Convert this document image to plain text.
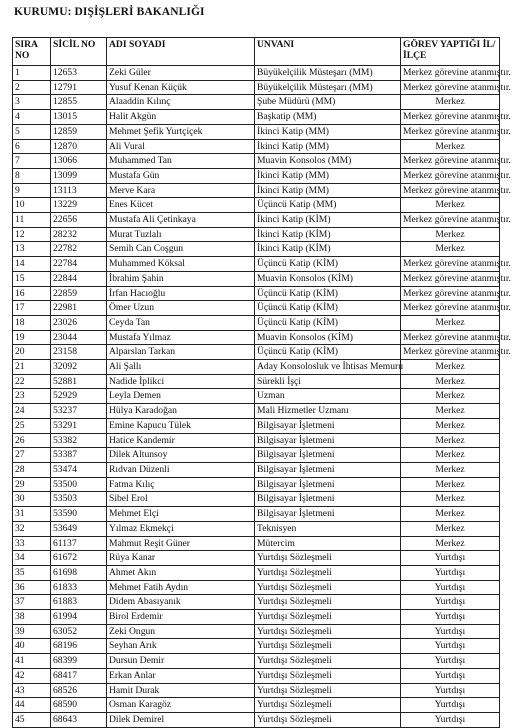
KURUMU: DIŞİŞLERİ BAKANLIĞI
SIRA NO	SİCİL NO	ADI SOYADI	UNVANI	GÖREV YAPTIĞI İL/İLÇE
1	12653	Zeki Güler	Büyükelçilik Müsteşarı (MM)	Merkez görevine atanmıştır.
2	12791	Yusuf Kenan Küçük	Büyükelçilik Müsteşarı (MM)	Merkez görevine atanmıştır.
3	12855	Alaaddin Kılınç	Şube Müdürü (MM)	Merkez
4	13015	Halit Akgün	Başkatip (MM)	Merkez görevine atanmıştır.
5	12859	Mehmet Şefik Yurtçiçek	İkinci Katip (MM)	Merkez görevine atanmıştır.
6	12870	Ali Vural	İkinci Katip (MM)	Merkez
7	13066	Muhammed Tan	Muavin Konsolos (MM)	Merkez görevine atanmıştır.
8	13099	Mustafa Gün	İkinci Katip (MM)	Merkez görevine atanmıştır.
9	13113	Merve Kara	İkinci Katip (MM)	Merkez görevine atanmıştır.
10	13229	Enes Kücet	Üçüncü Katip (MM)	Merkez
11	22656	Mustafa Ali Çetinkaya	İkinci Katip (KİM)	Merkez görevine atanmıştır.
12	28232	Murat Tuzlalı	İkinci Katip (KİM)	Merkez
13	22782	Semih Can Coşgun	İkinci Katip (KİM)	Merkez
14	22784	Muhammed Köksal	Üçüncü Katip (KİM)	Merkez görevine atanmıştır.
15	22844	İbrahim Şahin	Muavin Konsolos (KİM)	Merkez görevine atanmıştır.
16	22859	İrfan Hacıoğlu	Üçüncü Katip (KİM)	Merkez görevine atanmıştır.
17	22981	Ömer Uzun	Üçüncü Katip (KİM)	Merkez görevine atanmıştır.
18	23026	Ceyda Tan	Üçüncü Katip (KİM)	Merkez
19	23044	Mustafa Yılmaz	Muavin Konsolos (KİM)	Merkez görevine atanmıştır.
20	23158	Alparslan Tarkan	Üçüncü Katip (KİM)	Merkez görevine atanmıştır.
21	32092	Ali Şallı	Aday Konsolosluk ve İhtisas Memuru	Merkez
22	52881	Nadide İplikci	Sürekli İşçi	Merkez
23	52929	Leyla Demen	Uzman	Merkez
24	53237	Hülya Karadoğan	Mali Hizmetler Uzmanı	Merkez
25	53291	Emine Kapucu Tülek	Bilgisayar İşletmeni	Merkez
26	53382	Hatice Kandemir	Bilgisayar İşletmeni	Merkez
27	53387	Dilek Altunsoy	Bilgisayar İşletmeni	Merkez
28	53474	Rıdvan Düzenli	Bilgisayar İşletmeni	Merkez
29	53500	Fatma Kılıç	Bilgisayar İşletmeni	Merkez
30	53503	Sibel Erol	Bilgisayar İşletmeni	Merkez
31	53590	Mehmet Elçi	Bilgisayar İşletmeni	Merkez
32	53649	Yılmaz Ekmekçi	Teknisyen	Merkez
33	61137	Mahmut Reşit Güner	Mütercim	Merkez
34	61672	Rüya Kanar	Yurtdışı Sözleşmeli	Yurtdışı
35	61698	Ahmet Akın	Yurtdışı Sözleşmeli	Yurtdışı
36	61833	Mehmet Fatih Aydın	Yurtdışı Sözleşmeli	Yurtdışı
37	61883	Didem Abasıyanık	Yurtdışı Sözleşmeli	Yurtdışı
38	61994	Birol Erdemir	Yurtdışı Sözleşmeli	Yurtdışı
39	63052	Zeki Ongun	Yurtdışı Sözleşmeli	Yurtdışı
40	68196	Seyhan Arık	Yurtdışı Sözleşmeli	Yurtdışı
41	68399	Dursun Demir	Yurtdışı Sözleşmeli	Yurtdışı
42	68417	Erkan Anlar	Yurtdışı Sözleşmeli	Yurtdışı
43	68526	Hamit Durak	Yurtdışı Sözleşmeli	Yurtdışı
44	68590	Osman Karagöz	Yurtdışı Sözleşmeli	Yurtdışı
45	68643	Dilek Demirel	Yurtdışı Sözleşmeli	Yurtdışı
